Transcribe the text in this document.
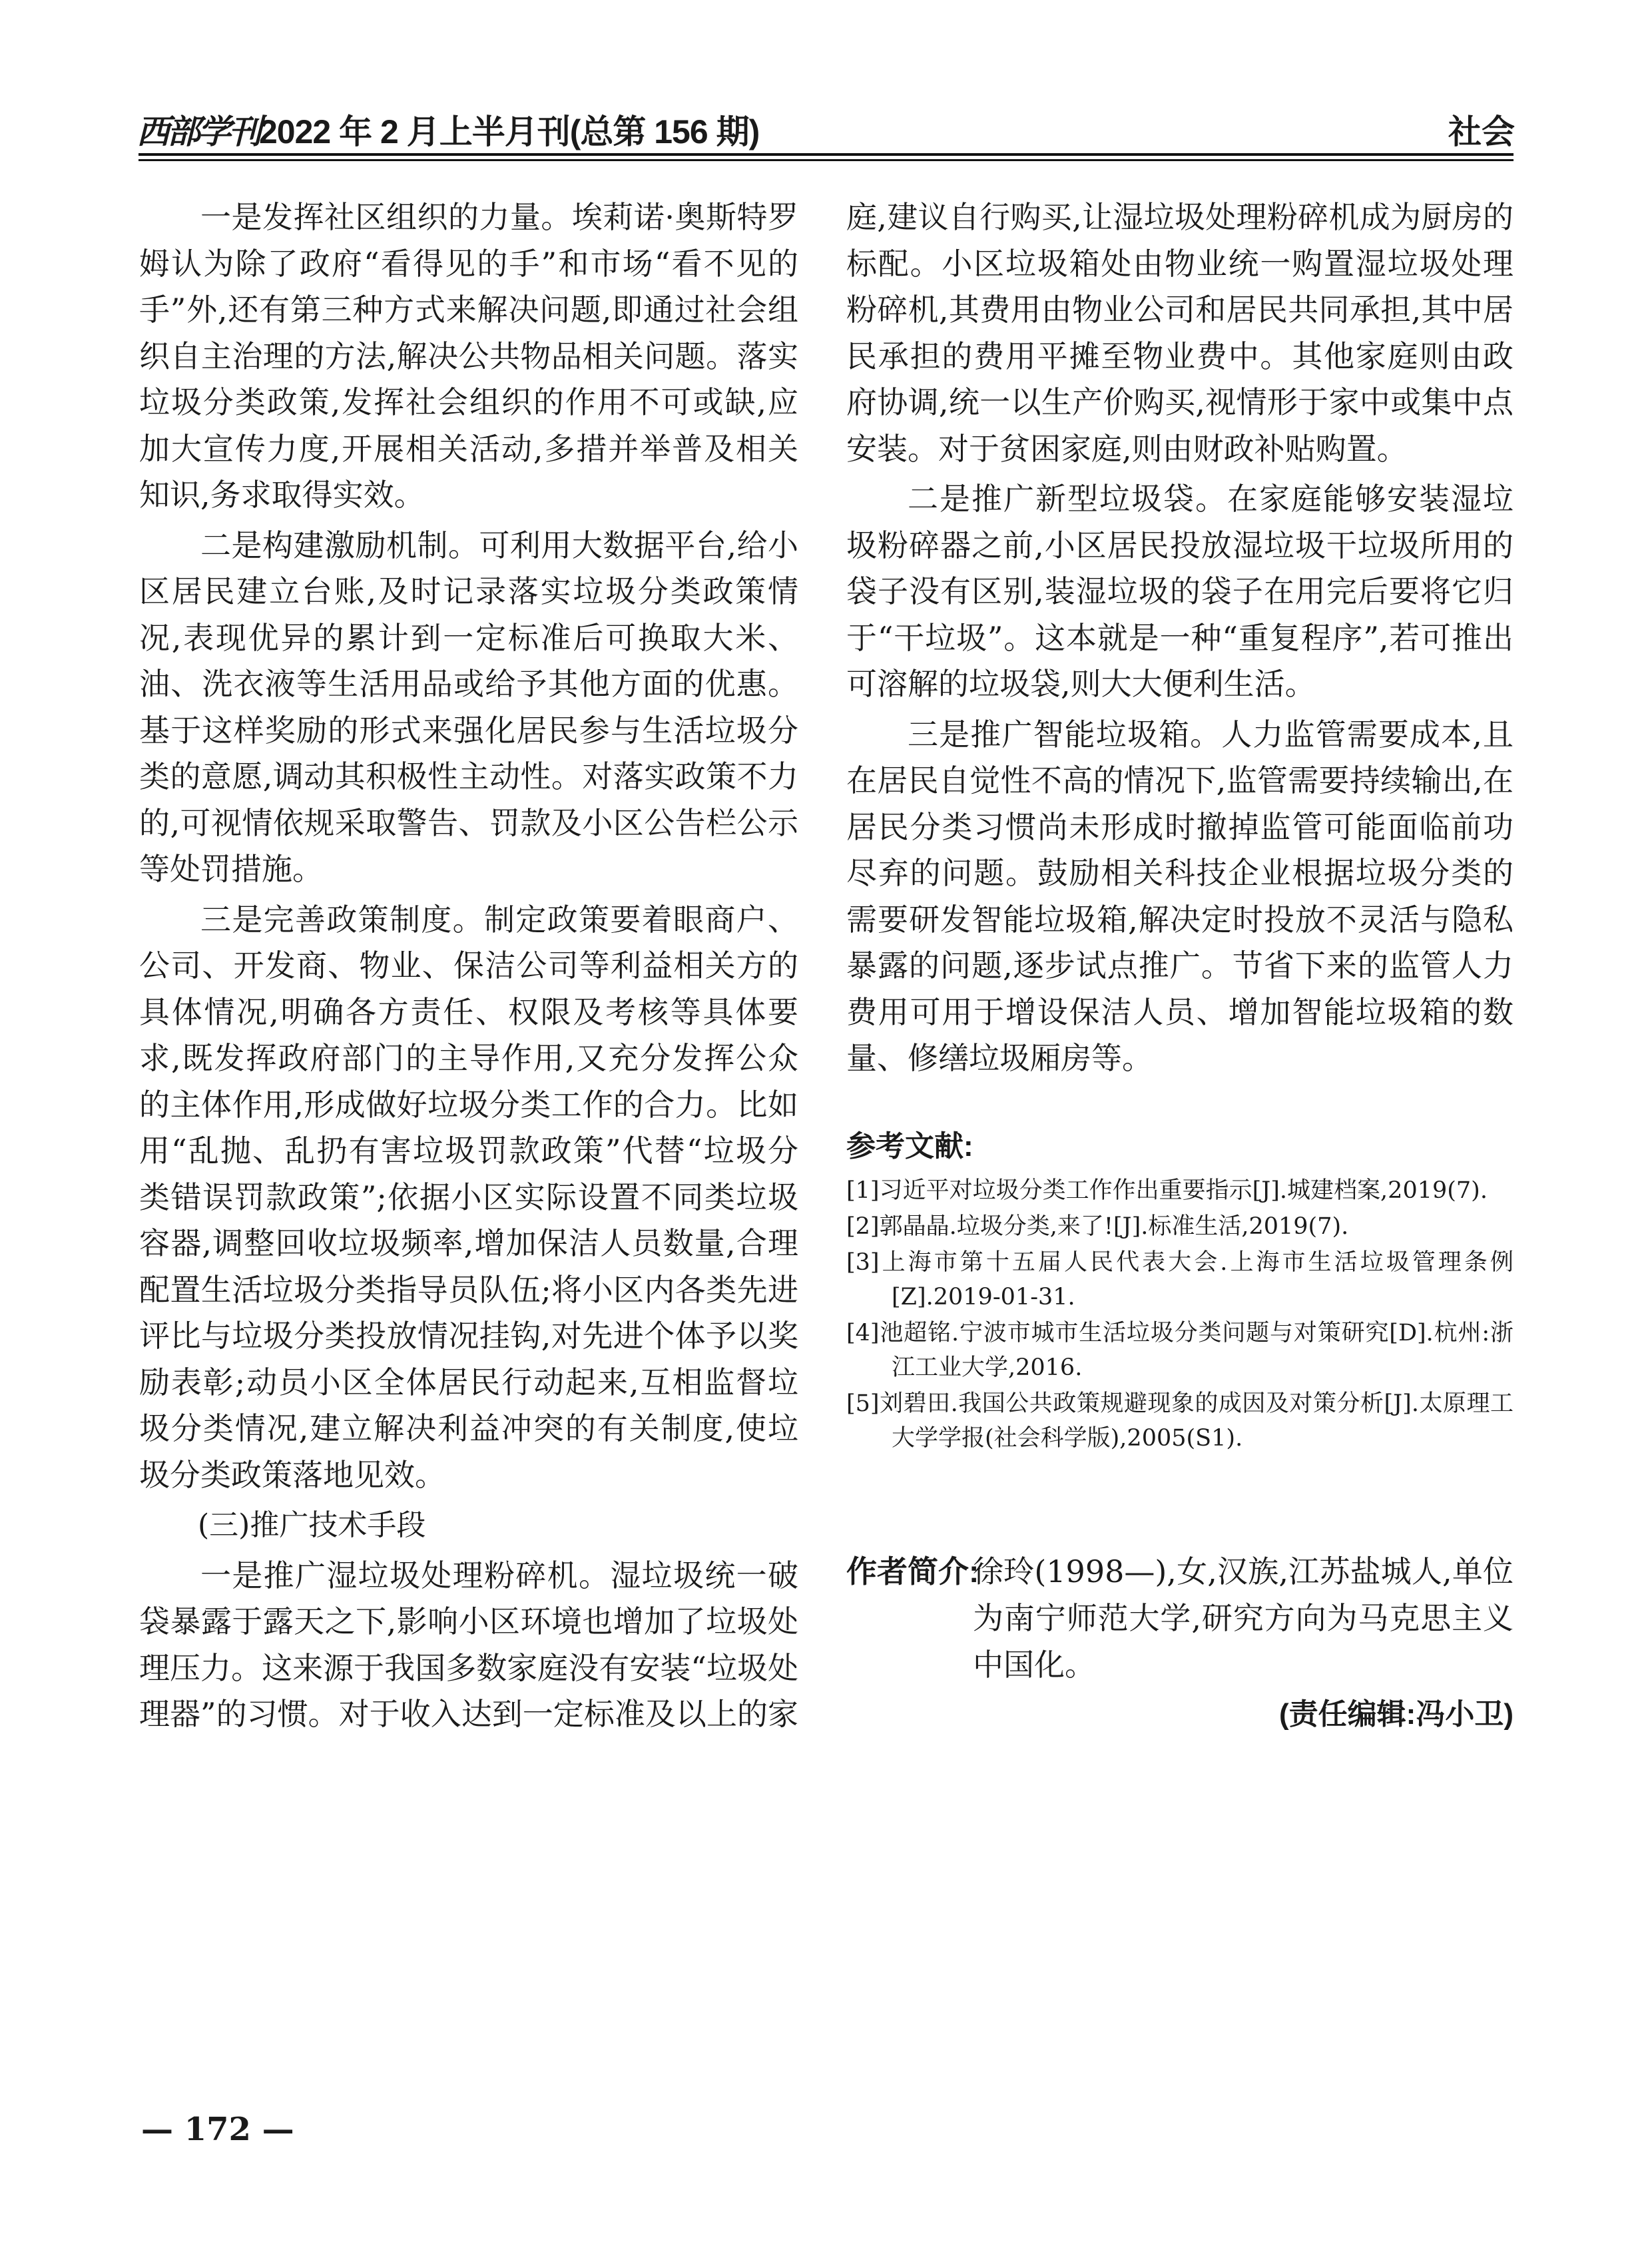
西部学刊2022 年 2 月上半月刊(总第 156 期)	社会

一是发挥社区组织的力量。埃莉诺·奥斯特罗姆认为除了政府“看得见的手”和市场“看不见的手”外,还有第三种方式来解决问题,即通过社会组织自主治理的方法,解决公共物品相关问题。落实垃圾分类政策,发挥社会组织的作用不可或缺,应加大宣传力度,开展相关活动,多措并举普及相关知识,务求取得实效。

二是构建激励机制。可利用大数据平台,给小区居民建立台账,及时记录落实垃圾分类政策情况,表现优异的累计到一定标准后可换取大米、油、洗衣液等生活用品或给予其他方面的优惠。基于这样奖励的形式来强化居民参与生活垃圾分类的意愿,调动其积极性主动性。对落实政策不力的,可视情依规采取警告、罚款及小区公告栏公示等处罚措施。

三是完善政策制度。制定政策要着眼商户、公司、开发商、物业、保洁公司等利益相关方的具体情况,明确各方责任、权限及考核等具体要求,既发挥政府部门的主导作用,又充分发挥公众的主体作用,形成做好垃圾分类工作的合力。比如用“乱抛、乱扔有害垃圾罚款政策”代替“垃圾分类错误罚款政策”;依据小区实际设置不同类垃圾容器,调整回收垃圾频率,增加保洁人员数量,合理配置生活垃圾分类指导员队伍;将小区内各类先进评比与垃圾分类投放情况挂钩,对先进个体予以奖励表彰;动员小区全体居民行动起来,互相监督垃圾分类情况,建立解决利益冲突的有关制度,使垃圾分类政策落地见效。

(三)推广技术手段

一是推广湿垃圾处理粉碎机。湿垃圾统一破袋暴露于露天之下,影响小区环境也增加了垃圾处理压力。这来源于我国多数家庭没有安装“垃圾处理器”的习惯。对于收入达到一定标准及以上的家

庭,建议自行购买,让湿垃圾处理粉碎机成为厨房的标配。小区垃圾箱处由物业统一购置湿垃圾处理粉碎机,其费用由物业公司和居民共同承担,其中居民承担的费用平摊至物业费中。其他家庭则由政府协调,统一以生产价购买,视情形于家中或集中点安装。对于贫困家庭,则由财政补贴购置。

二是推广新型垃圾袋。在家庭能够安装湿垃圾粉碎器之前,小区居民投放湿垃圾干垃圾所用的袋子没有区别,装湿垃圾的袋子在用完后要将它归于“干垃圾”。这本就是一种“重复程序”,若可推出可溶解的垃圾袋,则大大便利生活。

三是推广智能垃圾箱。人力监管需要成本,且在居民自觉性不高的情况下,监管需要持续输出,在居民分类习惯尚未形成时撤掉监管可能面临前功尽弃的问题。鼓励相关科技企业根据垃圾分类的需要研发智能垃圾箱,解决定时投放不灵活与隐私暴露的问题,逐步试点推广。节省下来的监管人力费用可用于增设保洁人员、增加智能垃圾箱的数量、修缮垃圾厢房等。

参考文献:
[1]习近平对垃圾分类工作作出重要指示[J].城建档案,2019(7).
[2]郭晶晶.垃圾分类,来了![J].标准生活,2019(7).
[3]上海市第十五届人民代表大会.上海市生活垃圾管理条例[Z].2019-01-31.
[4]池超铭.宁波市城市生活垃圾分类问题与对策研究[D].杭州:浙江工业大学,2016.
[5]刘碧田.我国公共政策规避现象的成因及对策分析[J].太原理工大学学报(社会科学版),2005(S1).
作者简介:
徐玲(1998—),女,汉族,江苏盐城人,单位为南宁师范大学,研究方向为马克思主义中国化。
(责任编辑:冯小卫)
— 172 —
